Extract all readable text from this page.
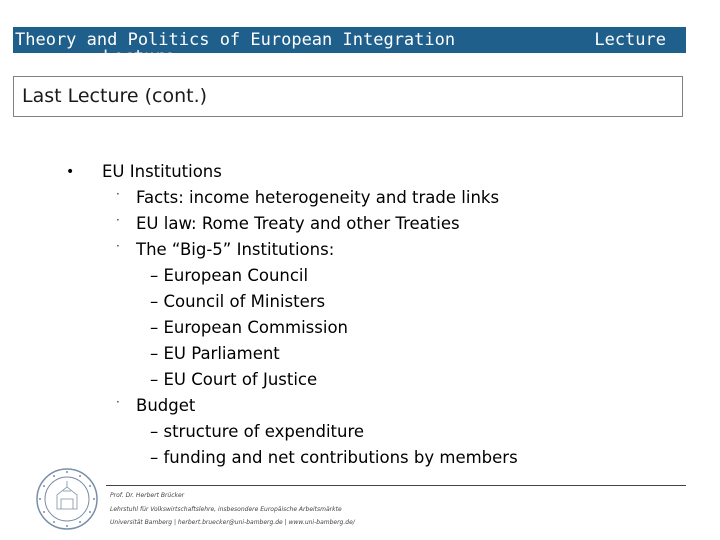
Theory and Politics of European Integration
Lecture
Lecture
Last Lecture (cont.)
• EU Institutions
· Facts: income heterogeneity and trade links
· EU law: Rome Treaty and other Treaties
· The “Big-5” Institutions:
– European Council
– Council of Ministers
– European Commission
– EU Parliament
– EU Court of Justice
· Budget
– structure of expenditure
– funding and net contributions by members
Prof. Dr. Herbert Brücker
Lehrstuhl für Volkswirtschaftslehre, insbesondere Europäische Arbeitsmärkte
Universität Bamberg | herbert.bruecker@uni-bamberg.de | www.uni-bamberg.de/
